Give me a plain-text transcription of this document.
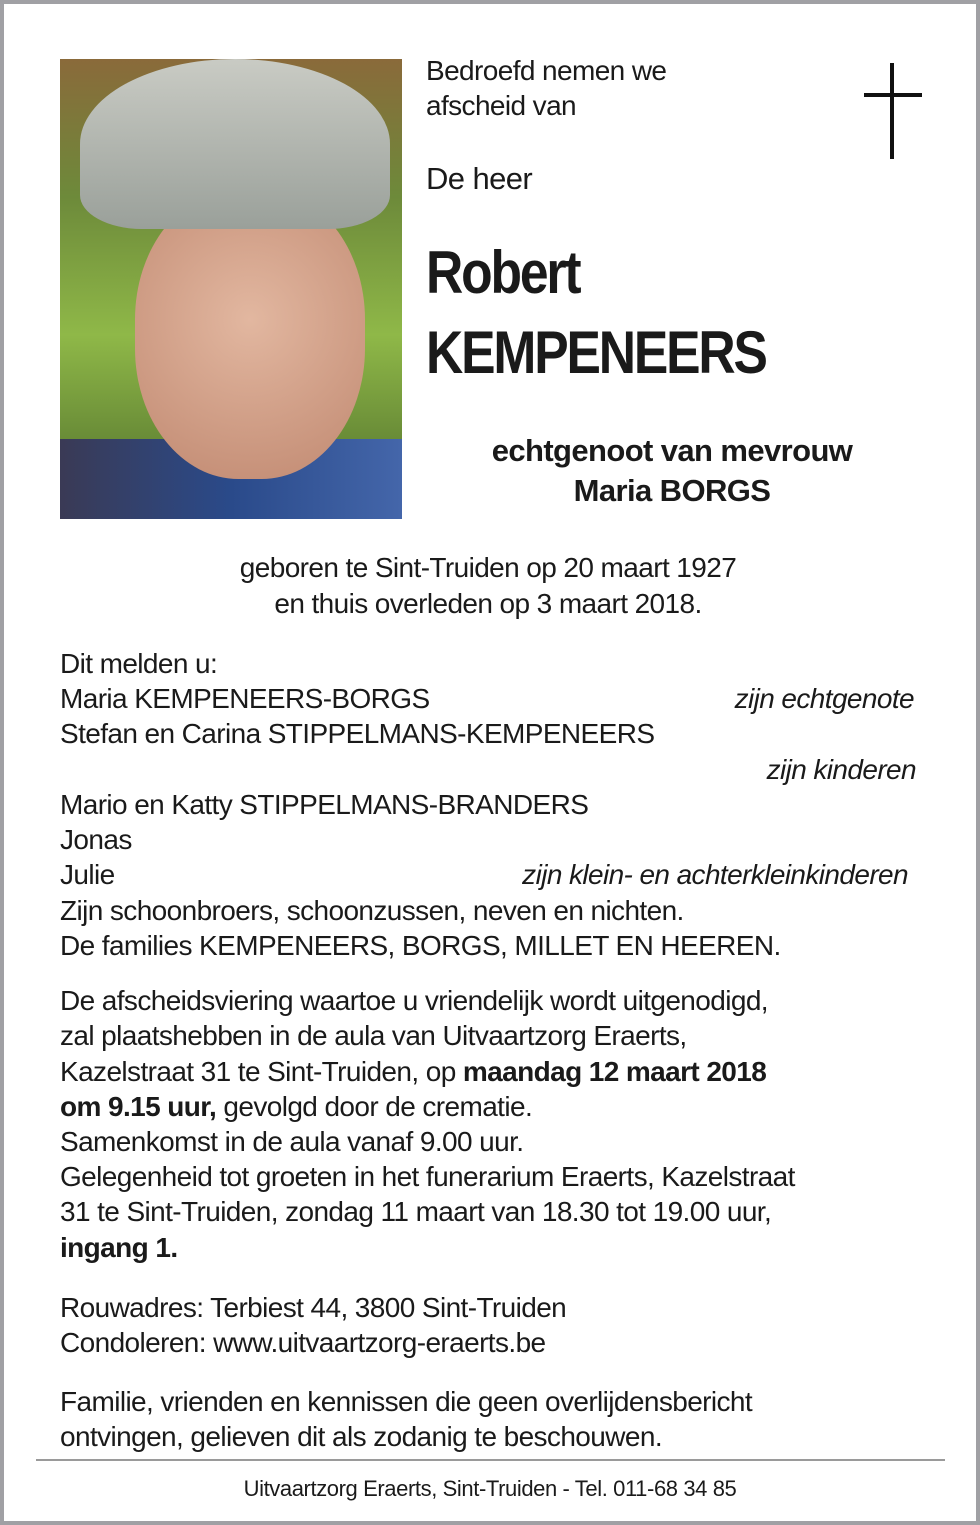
Bedroefd nemen we
afscheid van
De heer
Robert
KEMPENEERS
echtgenoot van mevrouw
Maria BORGS
geboren te Sint-Truiden op 20 maart 1927
en thuis overleden op 3 maart 2018.
Dit melden u:
Maria KEMPENEERS-BORGS	zijn echtgenote
Stefan en Carina STIPPELMANS-KEMPENEERS
zijn kinderen
Mario en Katty STIPPELMANS-BRANDERS
Jonas
Julie	zijn klein- en achterkleinkinderen
Zijn schoonbroers, schoonzussen, neven en nichten.
De families KEMPENEERS, BORGS, MILLET EN HEEREN.
De afscheidsviering waartoe u vriendelijk wordt uitgenodigd,
zal plaatshebben in de aula van Uitvaartzorg Eraerts,
Kazelstraat 31 te Sint-Truiden, op maandag 12 maart 2018
om 9.15 uur, gevolgd door de crematie.
Samenkomst in de aula vanaf 9.00 uur.
Gelegenheid tot groeten in het funerarium Eraerts, Kazelstraat
31 te Sint-Truiden, zondag 11 maart van 18.30 tot 19.00 uur,
ingang 1.
Rouwadres: Terbiest 44, 3800 Sint-Truiden
Condoleren: www.uitvaartzorg-eraerts.be
Familie, vrienden en kennissen die geen overlijdensbericht
ontvingen, gelieven dit als zodanig te beschouwen.
Uitvaartzorg Eraerts, Sint-Truiden - Tel. 011-68 34 85
